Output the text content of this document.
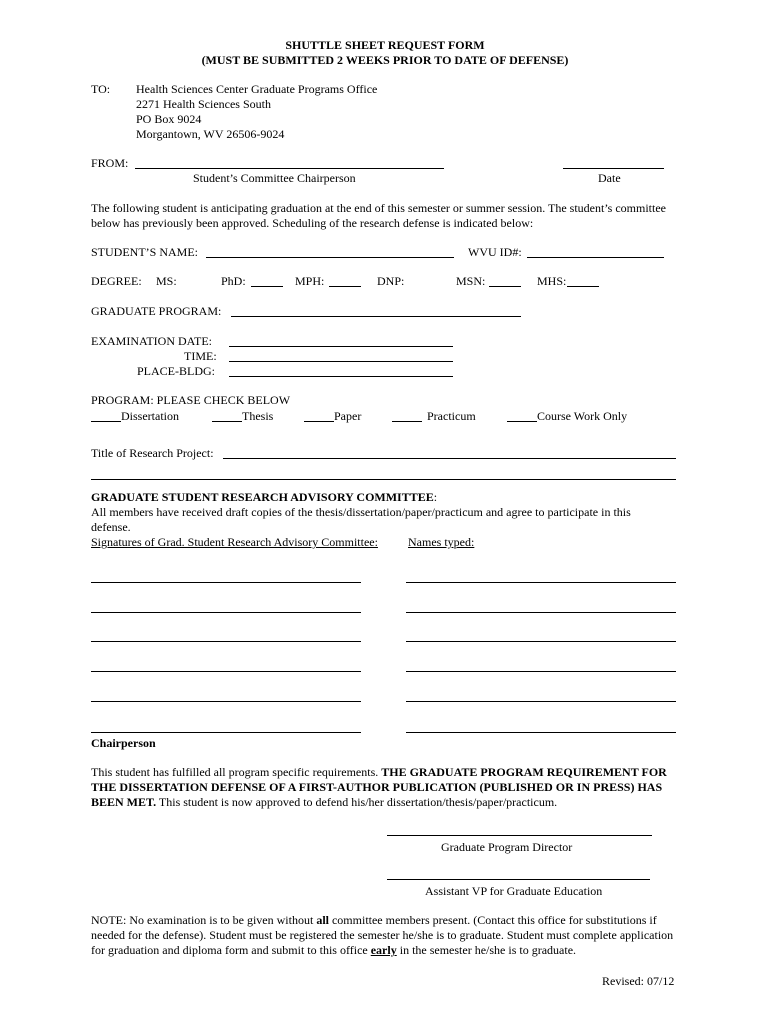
SHUTTLE SHEET REQUEST FORM
(MUST BE SUBMITTED 2 WEEKS PRIOR TO DATE OF DEFENSE)
TO: Health Sciences Center Graduate Programs Office
2271 Health Sciences South
PO Box 9024
Morgantown, WV 26506-9024
FROM:
Student’s Committee Chairperson	Date
The following student is anticipating graduation at the end of this semester or summer session. The student’s committee below has previously been approved. Scheduling of the research defense is indicated below:
STUDENT’S NAME:	WVU ID#:
DEGREE: MS:	PhD:	MPH:	DNP:	MSN:	MHS:
GRADUATE PROGRAM:
EXAMINATION DATE:
TIME:
PLACE-BLDG:
PROGRAM: PLEASE CHECK BELOW
Dissertation	Thesis	Paper	Practicum	Course Work Only
Title of Research Project:
GRADUATE STUDENT RESEARCH ADVISORY COMMITTEE:
All members have received draft copies of the thesis/dissertation/paper/practicum and agree to participate in this defense.
Signatures of Grad. Student Research Advisory Committee:	Names typed:
Chairperson
This student has fulfilled all program specific requirements. THE GRADUATE PROGRAM REQUIREMENT FOR THE DISSERTATION DEFENSE OF A FIRST-AUTHOR PUBLICATION (PUBLISHED OR IN PRESS) HAS BEEN MET. This student is now approved to defend his/her dissertation/thesis/paper/practicum.
Graduate Program Director
Assistant VP for Graduate Education
NOTE: No examination is to be given without all committee members present. (Contact this office for substitutions if needed for the defense). Student must be registered the semester he/she is to graduate. Student must complete application for graduation and diploma form and submit to this office early in the semester he/she is to graduate.
Revised: 07/12
